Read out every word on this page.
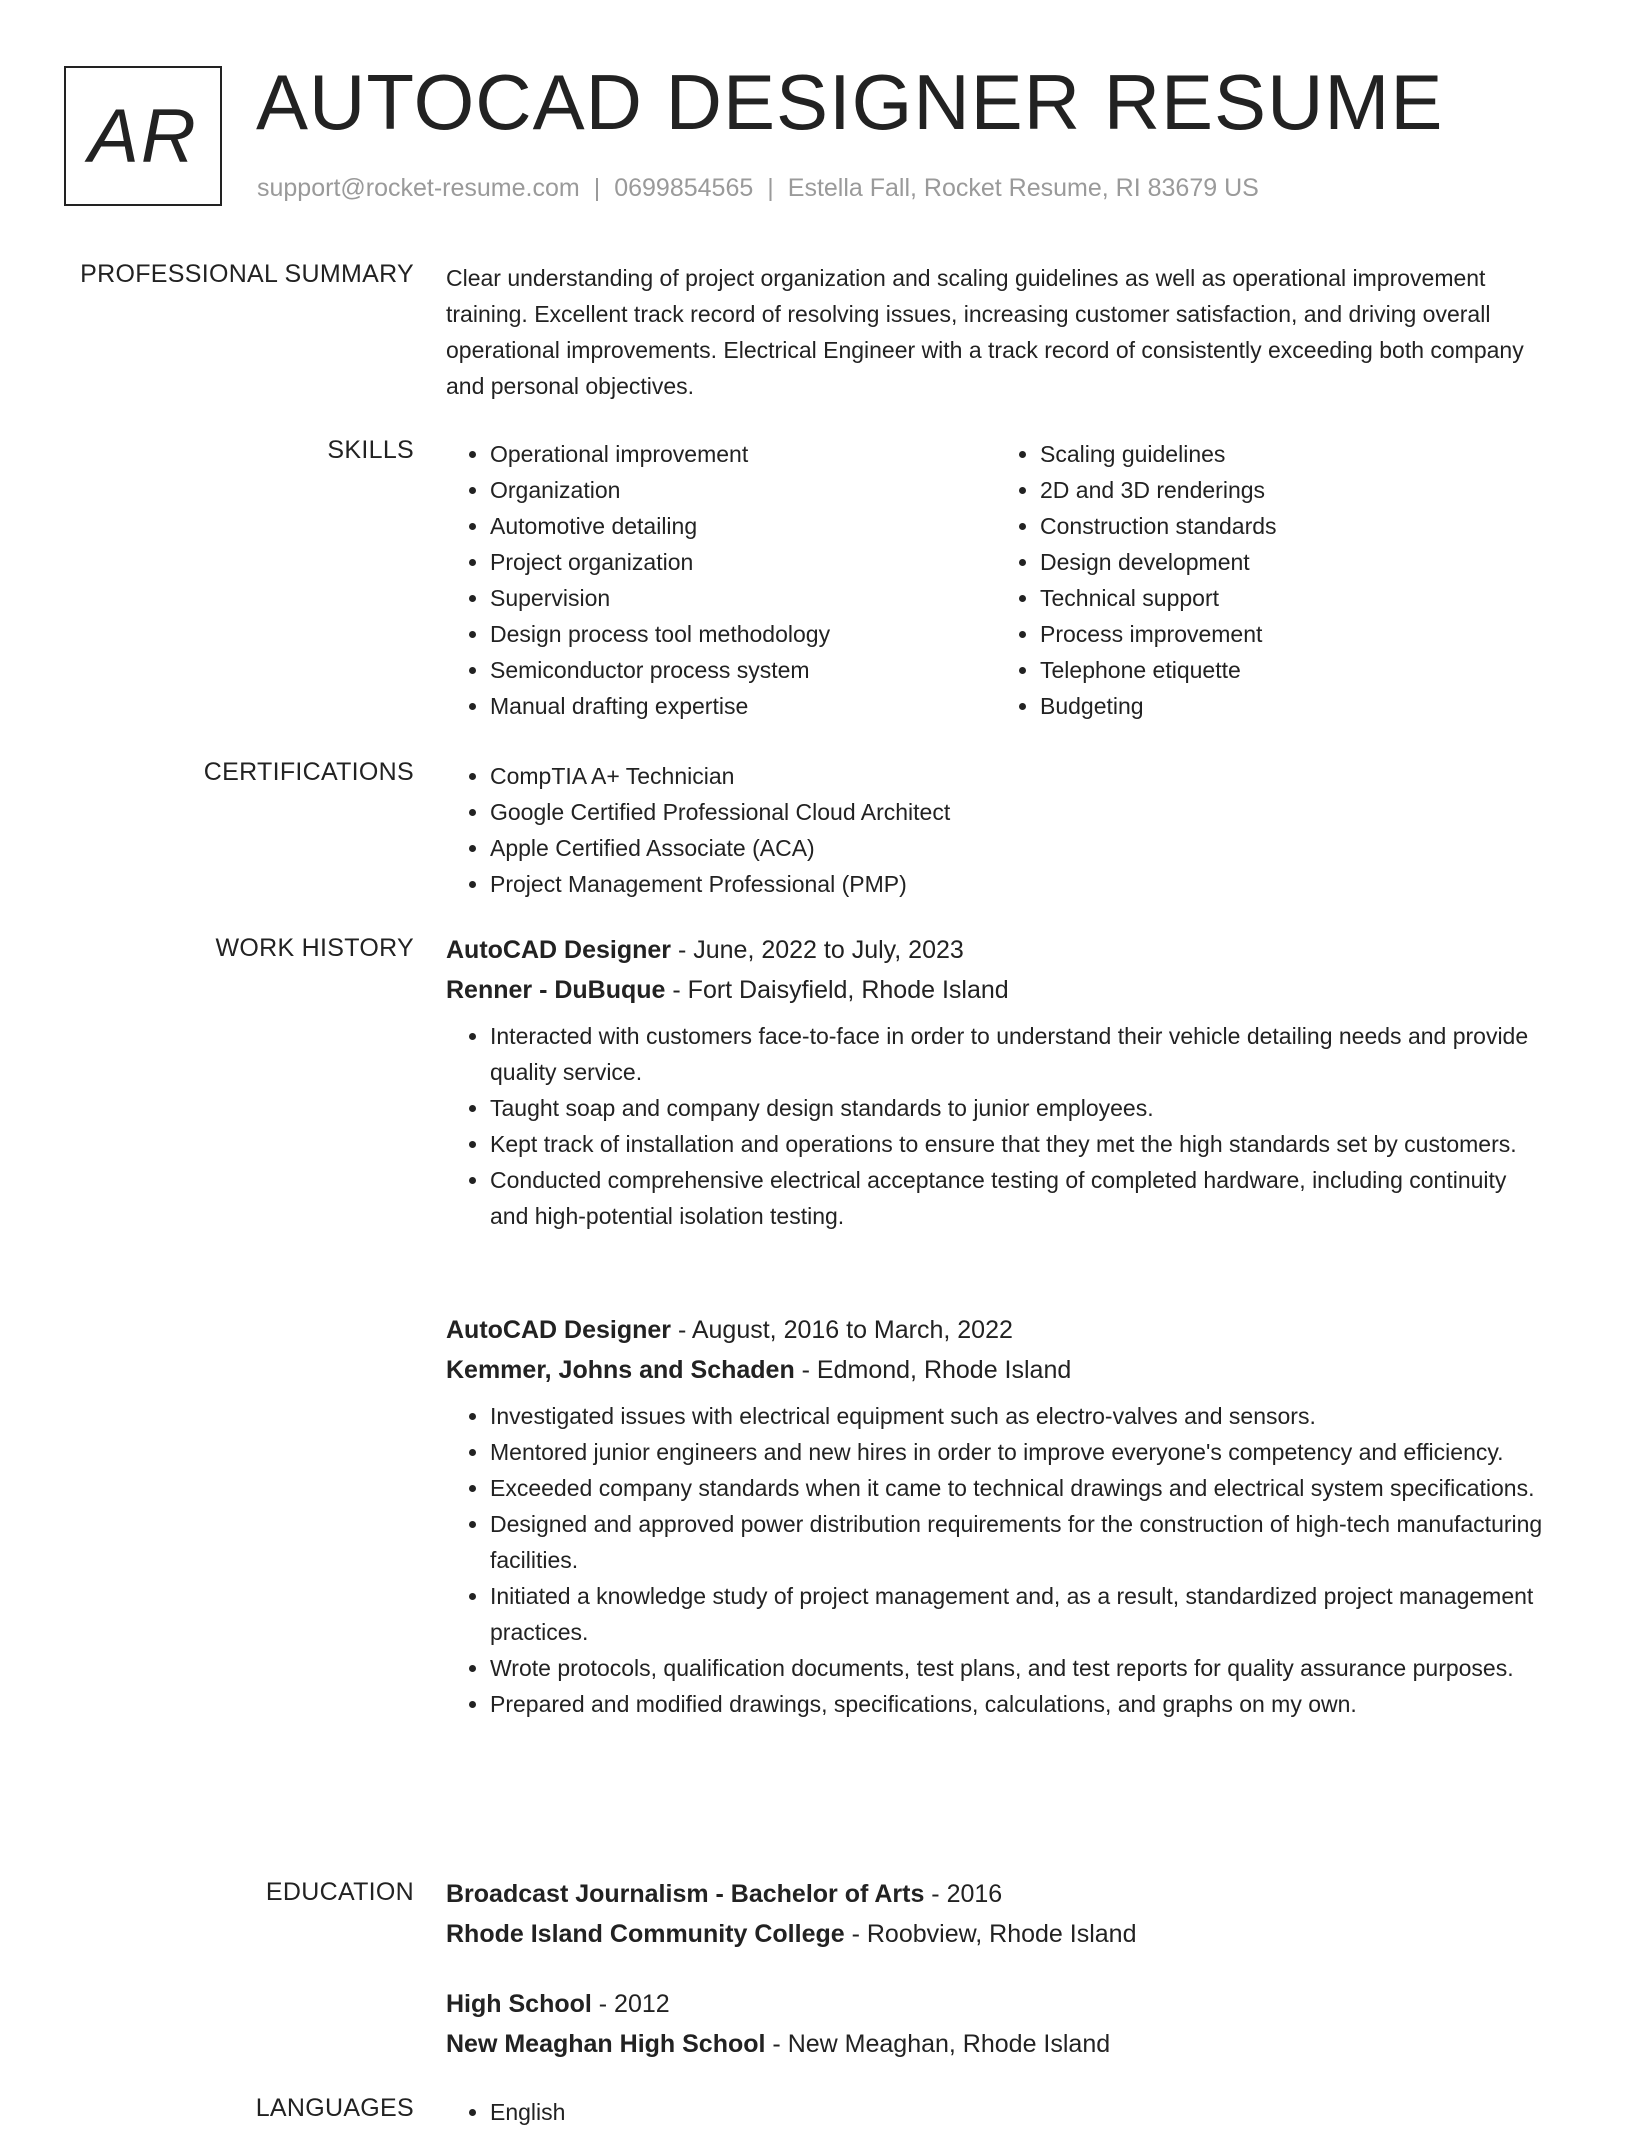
AR AUTOCAD DESIGNER RESUME
support@rocket-resume.com | 0699854565 | Estella Fall, Rocket Resume, RI 83679 US
PROFESSIONAL SUMMARY Clear understanding of project organization and scaling guidelines as well as operational improvement training. Excellent track record of resolving issues, increasing customer satisfaction, and driving overall operational improvements. Electrical Engineer with a track record of consistently exceeding both company and personal objectives.
SKILLS	• Operational improvement
• Organization
• Automotive detailing
• Project organization
• Supervision
• Design process tool methodology
• Semiconductor process system
• Manual drafting expertise
• Scaling guidelines
• 2D and 3D renderings
• Construction standards
• Design development
• Technical support
• Process improvement
• Telephone etiquette
• Budgeting
CERTIFICATIONS	• CompTIA A+ Technician
• Google Certified Professional Cloud Architect
• Apple Certified Associate (ACA)
• Project Management Professional (PMP)
WORK HISTORY AutoCAD Designer - June, 2022 to July, 2023
Renner - DuBuque - Fort Daisyfield, Rhode Island
• Interacted with customers face-to-face in order to understand their vehicle detailing needs and provide quality service.
• Taught soap and company design standards to junior employees.
• Kept track of installation and operations to ensure that they met the high standards set by customers.
• Conducted comprehensive electrical acceptance testing of completed hardware, including continuity and high-potential isolation testing.
AutoCAD Designer - August, 2016 to March, 2022
Kemmer, Johns and Schaden - Edmond, Rhode Island
• Investigated issues with electrical equipment such as electro-valves and sensors.
• Mentored junior engineers and new hires in order to improve everyone's competency and efficiency.
• Exceeded company standards when it came to technical drawings and electrical system specifications.
• Designed and approved power distribution requirements for the construction of high-tech manufacturing facilities.
• Initiated a knowledge study of project management and, as a result, standardized project management practices.
• Wrote protocols, qualification documents, test plans, and test reports for quality assurance purposes.
• Prepared and modified drawings, specifications, calculations, and graphs on my own.
EDUCATION Broadcast Journalism - Bachelor of Arts - 2016
Rhode Island Community College - Roobview, Rhode Island
High School - 2012
New Meaghan High School - New Meaghan, Rhode Island
LANGUAGES	• English
